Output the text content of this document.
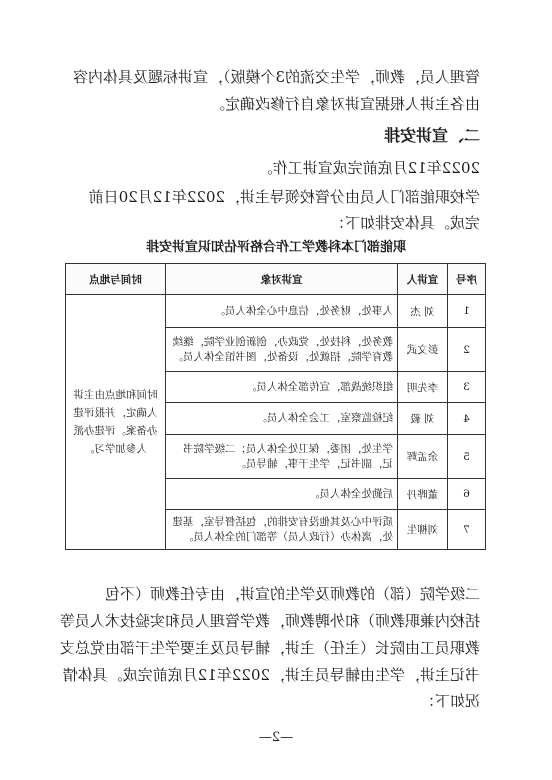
管理人员，教师，学生交流的3个模版），宣讲标题及具体内容
由各主讲人根据宣讲对象自行修改确定。
二、宣讲安排
2022年12月底前完成宣讲工作。
学校职能部门人员由分管校领导主讲，2022年12月20日前
完成。具体安排如下：
职能部门本科教学工作合格评估知识宣讲安排
序号	宣讲人	宣讲对象	时间与地点
1	刘 杰	人事处，财务处，信息中心全体人员。	时间和地点由主讲人确定，并报评建办备案。评建办派人参加学习。
2	彭文武	教务处，科技处，党政办，创新创业学院，继续教育学院，招就处，设备处，图书馆全体人员。	
3	李先明	组织统战部，宣传部全体人员。	
4	刘 毅	纪检监察室，工会全体人员。	
5	余孟辉	学生处，团委，保卫处全体人员；二级学院书记，副书记，学生干事，辅导员。	
6	董晔丹	后勤处全体人员。	
7	刘柳生	质评中心及其他没有安排的，包括督导室，基建处，离休办（行政人员）等部门的全体人员。	
二级学院（部）的教师及学生的宣讲，由专任教师（不包
括校内兼职教师）和外聘教师，教学管理人员和实验技术人员等
教职员工由院长（主任）主讲，辅导员及主要学生干部由党总支
书记主讲，学生由辅导员主讲，2022年12月底前完成。具体情
况如下：
—2—
